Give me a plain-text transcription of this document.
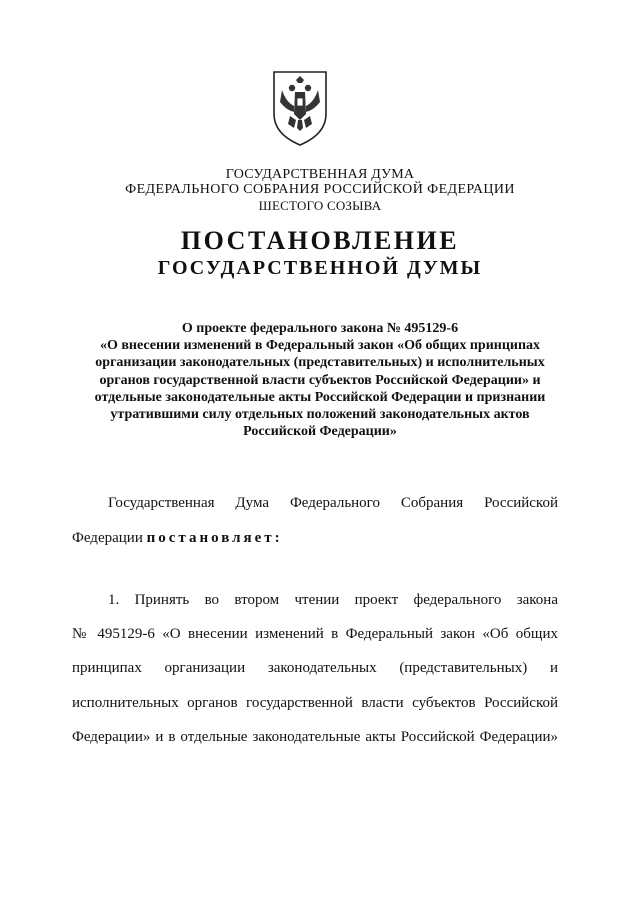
ГОСУДАРСТВЕННАЯ ДУМА

ФЕДЕРАЛЬНОГО СОБРАНИЯ РОССИЙСКОЙ ФЕДЕРАЦИИ

ШЕСТОГО СОЗЫВА

ПОСТАНОВЛЕНИЕ
ГОСУДАРСТВЕННОЙ ДУМЫ
О проекте федерального закона № 495129-6
«О внесении изменений в Федеральный закон «Об общих принципах
организации законодательных (представительных) и исполнительных
органов государственной власти субъектов Российской Федерации» и
отдельные законодательные акты Российской Федерации и признании
утратившими силу отдельных положений законодательных актов
Российской Федерации»

Государственная Дума Федерального Собрания Российской

Федерации постановляет:

1. Принять во втором чтении проект федерального закона

№ 495129-6 «О внесении изменений в Федеральный закон «Об общих

принципах организации законодательных (представительных) и

исполнительных органов государственной власти субъектов Российской

Федерации» и в отдельные законодательные акты Российской Федерации»
